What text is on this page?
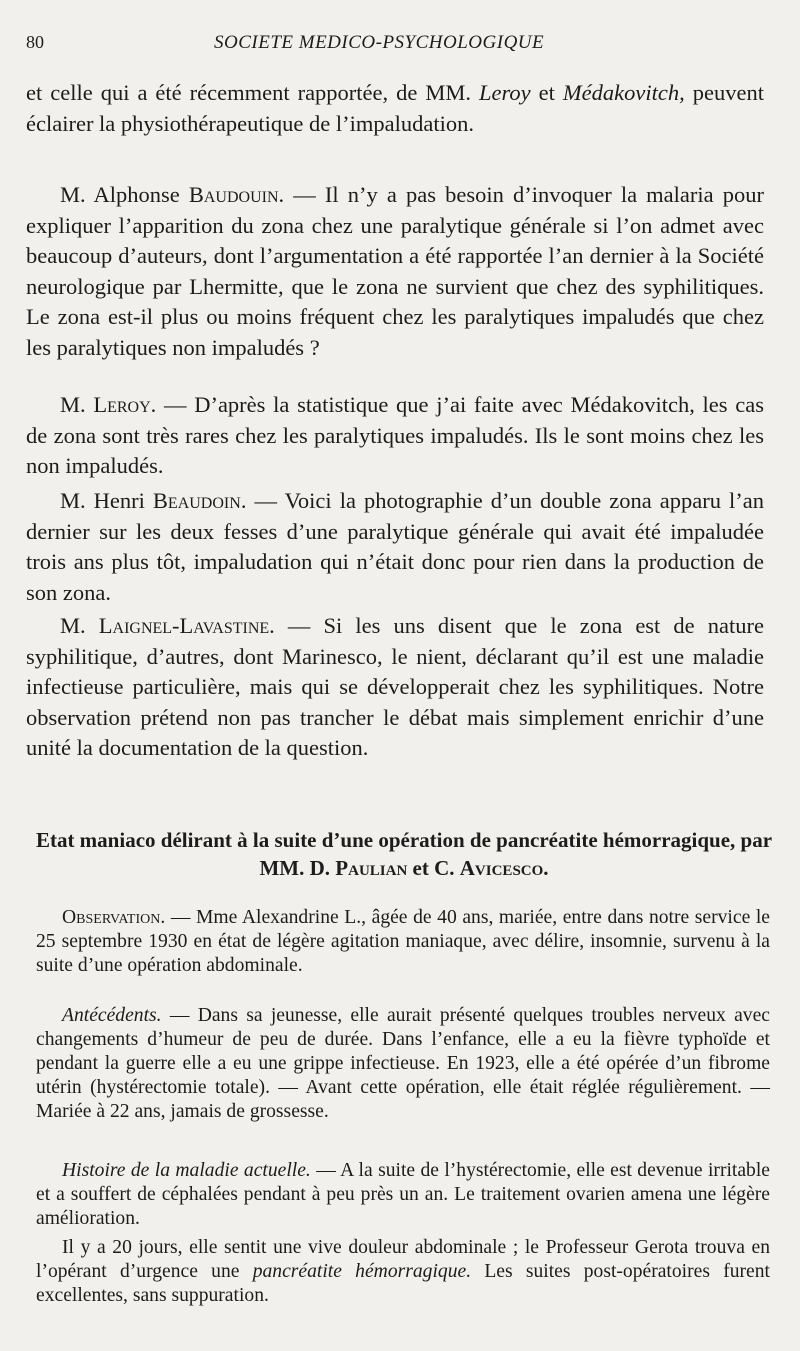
80	SOCIETE MEDICO-PSYCHOLOGIQUE

et celle qui a été récemment rapportée, de MM. Leroy et Médakovitch, peuvent éclairer la physiothérapeutique de l’impaludation.

M. Alphonse Baudouin. — Il n’y a pas besoin d’invoquer la malaria pour expliquer l’apparition du zona chez une paralytique générale si l’on admet avec beaucoup d’auteurs, dont l’argumentation a été rapportée l’an dernier à la Société neurologique par Lhermitte, que le zona ne survient que chez des syphilitiques. Le zona est-il plus ou moins fréquent chez les paralytiques impaludés que chez les paralytiques non impaludés ?

M. Leroy. — D’après la statistique que j’ai faite avec Médakovitch, les cas de zona sont très rares chez les paralytiques impaludés. Ils le sont moins chez les non impaludés.

M. Henri Beaudoin. — Voici la photographie d’un double zona apparu l’an dernier sur les deux fesses d’une paralytique générale qui avait été impaludée trois ans plus tôt, impaludation qui n’était donc pour rien dans la production de son zona.

M. Laignel-Lavastine. — Si les uns disent que le zona est de nature syphilitique, d’autres, dont Marinesco, le nient, déclarant qu’il est une maladie infectieuse particulière, mais qui se développerait chez les syphilitiques. Notre observation prétend non pas trancher le débat mais simplement enrichir d’une unité la documentation de la question.

Etat maniaco délirant à la suite d’une opération de pancréatite hémorragique, par MM. D. Paulian et C. Avicesco.

Observation. — Mme Alexandrine L., âgée de 40 ans, mariée, entre dans notre service le 25 septembre 1930 en état de légère agitation maniaque, avec délire, insomnie, survenu à la suite d’une opération abdominale.

Antécédents. — Dans sa jeunesse, elle aurait présenté quelques troubles nerveux avec changements d’humeur de peu de durée. Dans l’enfance, elle a eu la fièvre typhoïde et pendant la guerre elle a eu une grippe infectieuse. En 1923, elle a été opérée d’un fibrome utérin (hystérectomie totale). — Avant cette opération, elle était réglée régulièrement. — Mariée à 22 ans, jamais de grossesse.

Histoire de la maladie actuelle. — A la suite de l’hystérectomie, elle est devenue irritable et a souffert de céphalées pendant à peu près un an. Le traitement ovarien amena une légère amélioration.

Il y a 20 jours, elle sentit une vive douleur abdominale ; le Professeur Gerota trouva en l’opérant d’urgence une pancréatite hémorragique. Les suites post-opératoires furent excellentes, sans suppuration.
